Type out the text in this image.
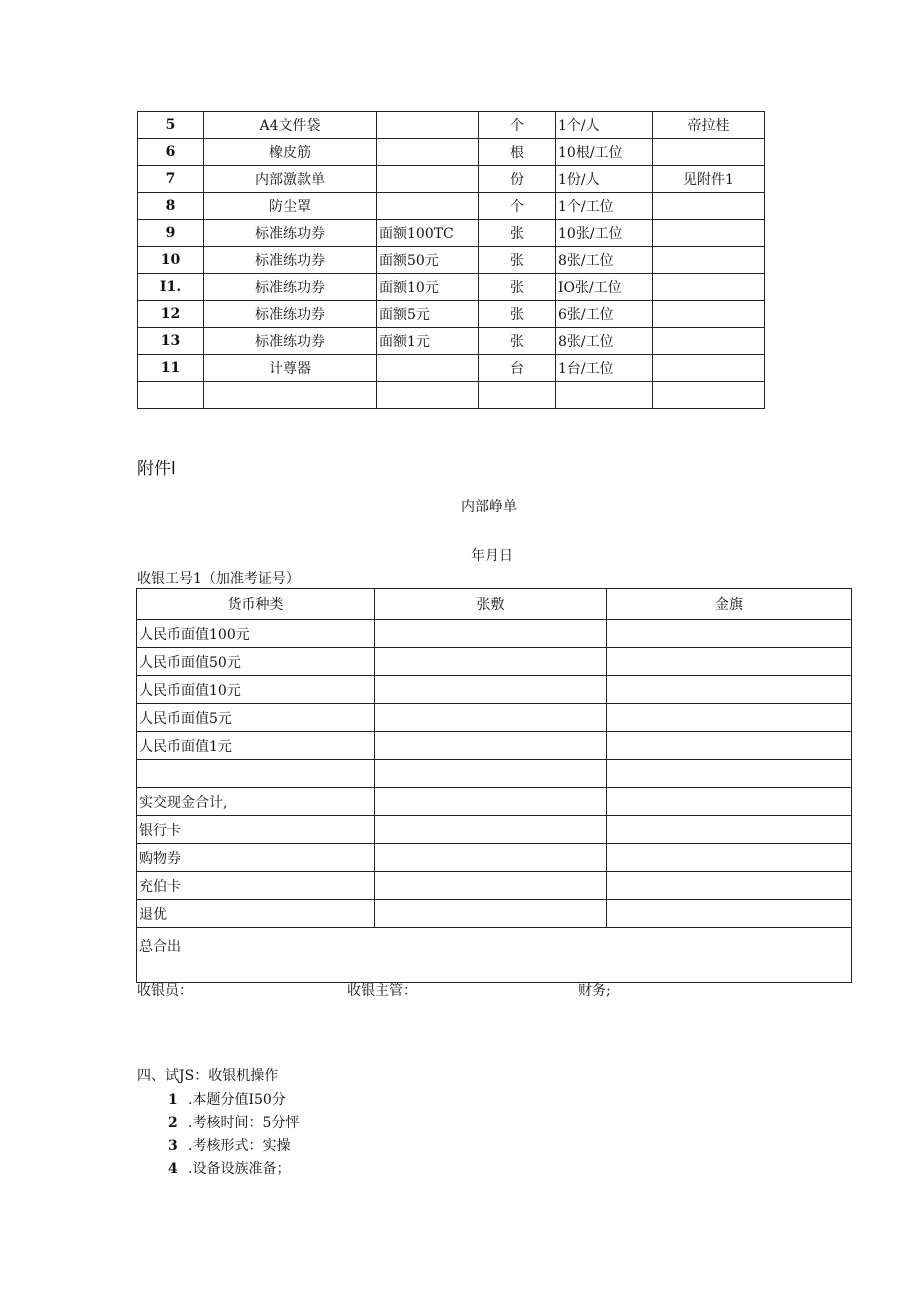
5	A4文件袋		个	1个/人	帝拉桂
6	橡皮筋		根	10根/工位	
7	内部激款单		份	1份/人	见附件1
8	防尘罩		个	1个/工位	
9	标准练功券	面额100TC	张	10张/工位	
10	标准练功券	面额50元	张	8张/工位	
I1.	标准练功券	面额10元	张	IO张/工位	
12	标准练功券	面额5元	张	6张/工位	
13	标准练功券	面额1元	张	8张/工位	
11	计尊器		台	1台/工位	

附件l
内部峥单
年月日
收银工号1（加准考证号）
货币种类	张敷	金旗
人民币面值100元		
人民币面值50元		
人民币面值10元		
人民币面值5元		
人民币面值1元		

实交现金合计,		
银行卡		
购物券		
充伯卡		
退优		
总合出		
收银员：	收银主管：	财务;
四、试JS：收银机操作
1 .本题分值I50分
2 .考核时间：5分怦
3 .考核形式：实操
4 .设备设族准备；
